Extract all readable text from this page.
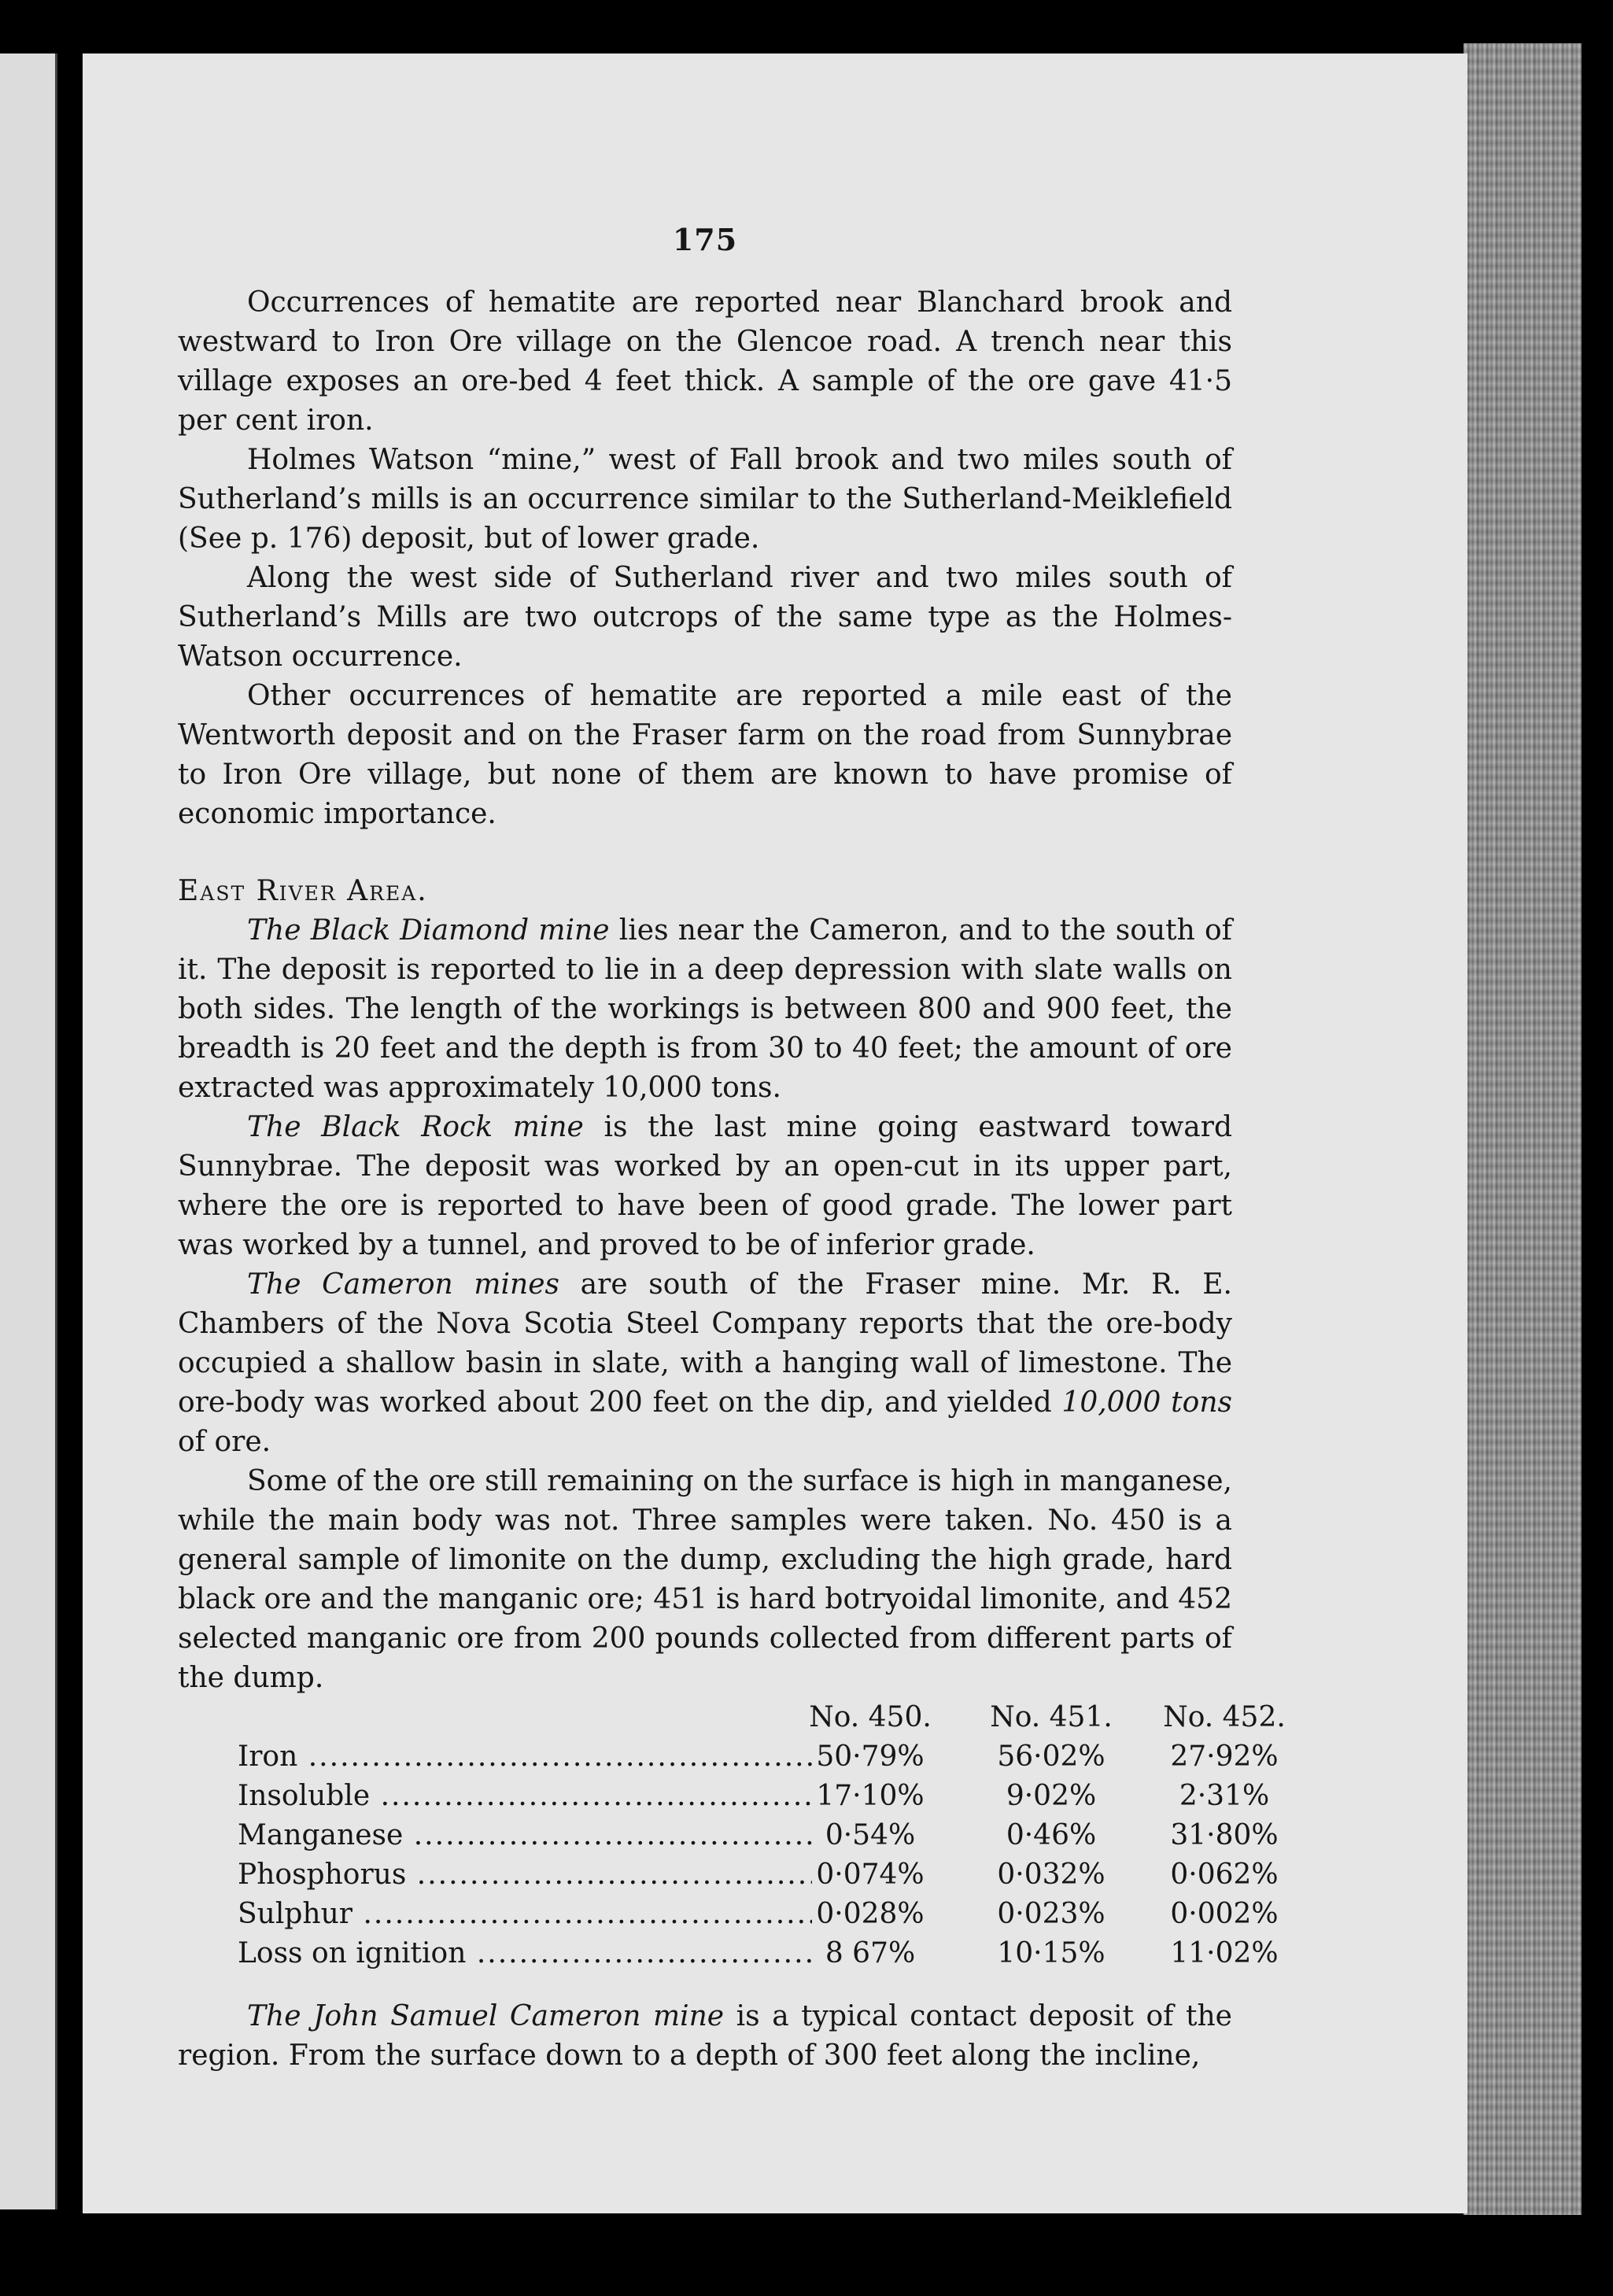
175

Occurrences of hematite are reported near Blanchard brook and westward to Iron Ore village on the Glencoe road. A trench near this village exposes an ore-bed 4 feet thick. A sample of the ore gave 41·5 per cent iron.

Holmes Watson “mine,” west of Fall brook and two miles south of Sutherland’s mills is an occurrence similar to the Sutherland-Meiklefield (See p. 176) deposit, but of lower grade.

Along the west side of Sutherland river and two miles south of Sutherland’s Mills are two outcrops of the same type as the Holmes-Watson occurrence.

Other occurrences of hematite are reported a mile east of the Wentworth deposit and on the Fraser farm on the road from Sunnybrae to Iron Ore village, but none of them are known to have promise of economic importance.

East River Area.

The Black Diamond mine lies near the Cameron, and to the south of it. The deposit is reported to lie in a deep depression with slate walls on both sides. The length of the workings is between 800 and 900 feet, the breadth is 20 feet and the depth is from 30 to 40 feet; the amount of ore extracted was approximately 10,000 tons.

The Black Rock mine is the last mine going eastward toward Sunnybrae. The deposit was worked by an open-cut in its upper part, where the ore is reported to have been of good grade. The lower part was worked by a tunnel, and proved to be of inferior grade.

The Cameron mines are south of the Fraser mine. Mr. R. E. Chambers of the Nova Scotia Steel Company reports that the ore-body occupied a shallow basin in slate, with a hanging wall of limestone. The ore-body was worked about 200 feet on the dip, and yielded 10,000 tons of ore.

Some of the ore still remaining on the surface is high in manganese, while the main body was not. Three samples were taken. No. 450 is a general sample of limonite on the dump, excluding the high grade, hard black ore and the manganic ore; 451 is hard botryoidal limonite, and 452 selected manganic ore from 200 pounds collected from different parts of the dump.

No. 450.	No. 451.	No. 452.
Iron .....	50·79%	56·02%	27·92%
Insoluble .....	17·10%	9·02%	2·31%
Manganese .....	0·54%	0·46%	31·80%
Phosphorus .....	0·074%	0·032%	0·062%
Sulphur .....	0·028%	0·023%	0·002%
Loss on ignition .....	8 67%	10·15%	11·02%

The John Samuel Cameron mine is a typical contact deposit of the region. From the surface down to a depth of 300 feet along the incline,
